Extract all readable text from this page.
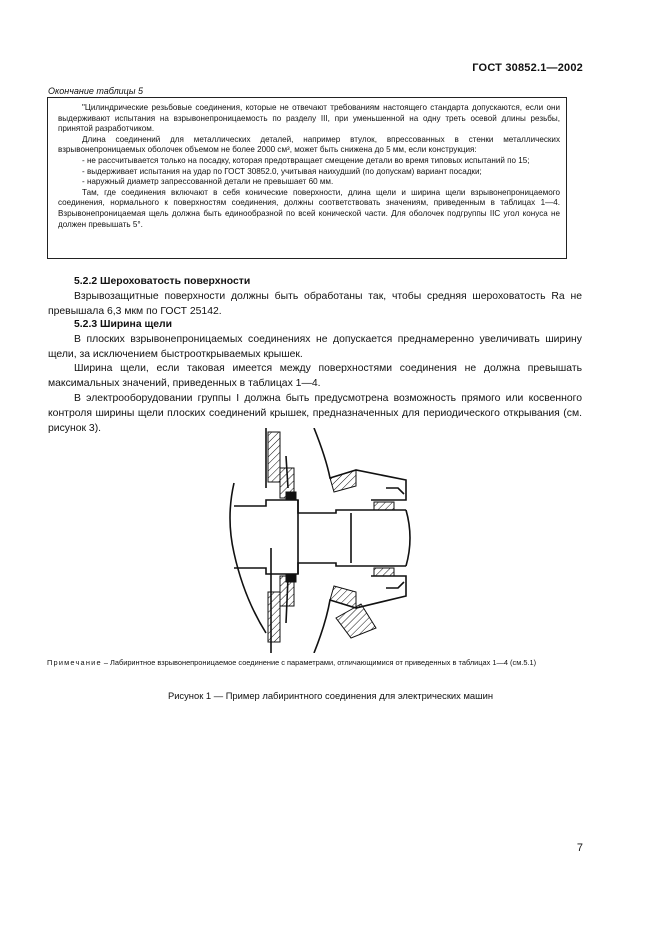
ГОСТ 30852.1—2002
Окончание таблицы 5

"Цилиндрические резьбовые соединения, которые не отвечают требованиям настоящего стандарта допускаются, если они выдерживают испытания на взрывонепроницаемость по разделу III, при уменьшенной на одну треть осевой длины резьбы, принятой разработчиком.

Длина соединений для металлических деталей, например втулок, впрессованных в стенки металлических взрывонепроницаемых оболочек объемом не более 2000 см³, может быть снижена до 5 мм, если конструкция:

- не рассчитывается только на посадку, которая предотвращает смещение детали во время типовых испытаний по 15;

- выдерживает испытания на удар по ГОСТ 30852.0, учитывая наихудший (по допускам) вариант посадки;

- наружный диаметр запрессованной детали не превышает 60 мм.

Там, где соединения включают в себя конические поверхности, длина щели и ширина щели взрывонепроницаемого соединения, нормального к поверхностям соединения, должны соответствовать значениям, приведенным в таблицах 1—4. Взрывонепроницаемая щель должна быть единообразной по всей конической части. Для оболочек подгруппы IIC угол конуса не должен превышать 5°.

5.2.2 Шероховатость поверхности

Взрывозащитные поверхности должны быть обработаны так, чтобы средняя шероховатость Ra не превышала 6,3 мкм по ГОСТ 25142.

5.2.3 Ширина щели

В плоских взрывонепроницаемых соединениях не допускается преднамеренно увеличивать ширину щели, за исключением быстрооткрываемых крышек.

Ширина щели, если таковая имеется между поверхностями соединения не должна превышать максимальных значений, приведенных в таблицах 1—4.

В электрооборудовании группы I должна быть предусмотрена возможность прямого или косвенного контроля ширины щели плоских соединений крышек, предназначенных для периодического открывания (см. рисунок 3).

Примечание – Лабиринтное взрывонепроницаемое соединение с параметрами, отличающимися от приведенных в таблицах 1—4 (см.5.1)
Рисунок 1 — Пример лабиринтного соединения для электрических машин
7
